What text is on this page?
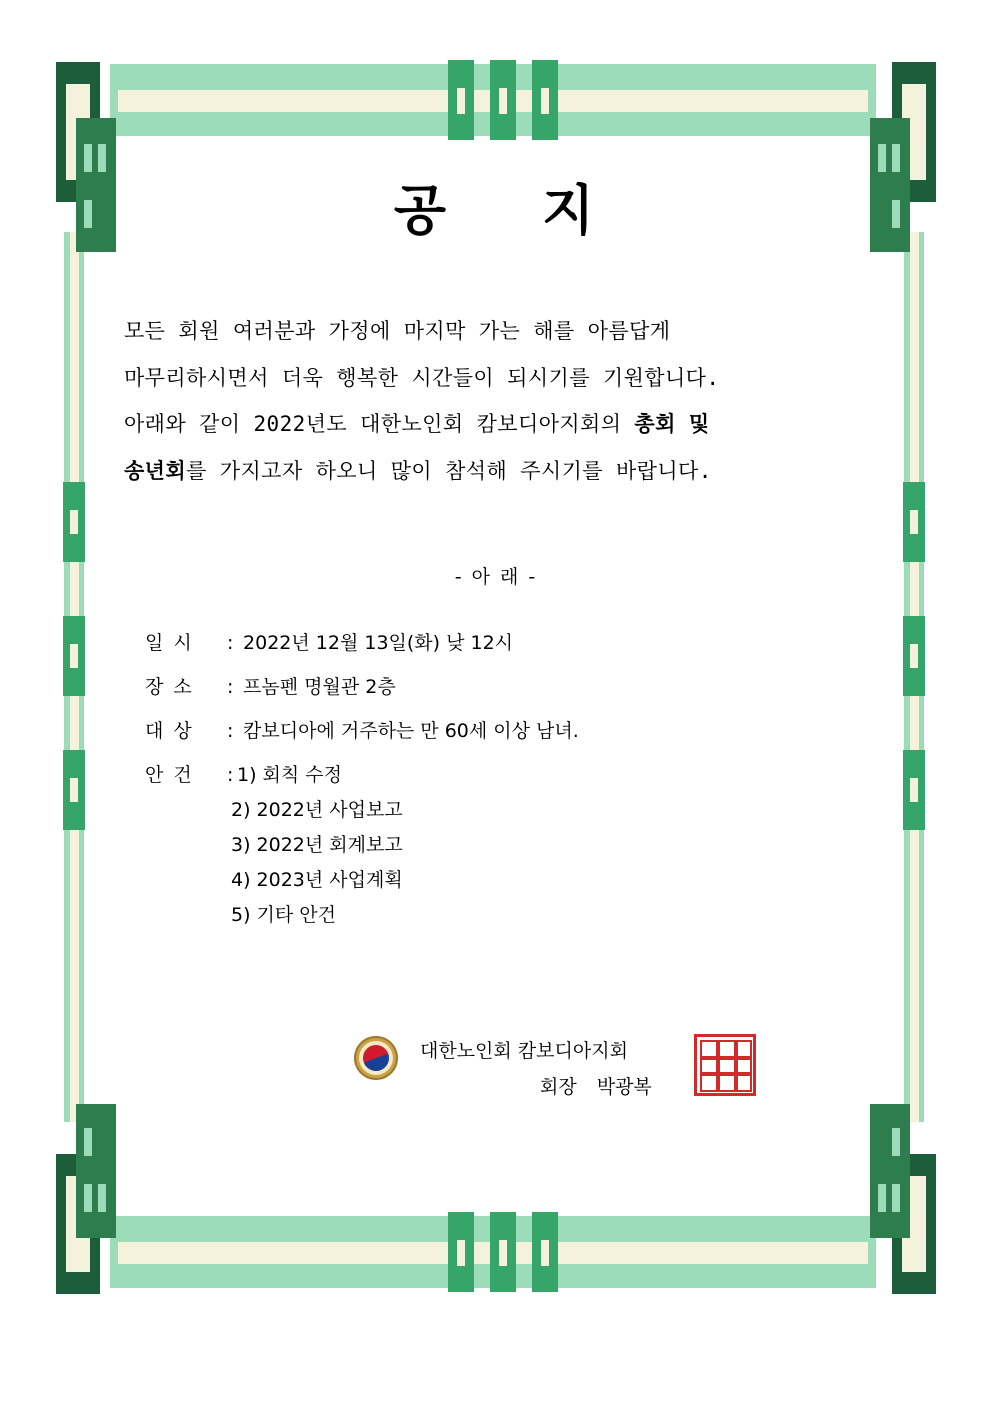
공 지
모든 회원 여러분과 가정에 마지막 가는 해를 아름답게
마무리하시면서 더욱 행복한 시간들이 되시기를 기원합니다.
아래와 같이 2022년도 대한노인회 캄보디아지회의 총회 및
송년회를 가지고자 하오니 많이 참석해 주시기를 바랍니다.
- 아 래 -
일 시 : 2022년 12월 13일(화) 낮 12시
장 소 : 프놈펜 명월관 2층
대 상 : 캄보디아에 거주하는 만 60세 이상 남녀.
안 건 : 1) 회칙 수정
2) 2022년 사업보고
3) 2022년 회계보고
4) 2023년 사업계획
5) 기타 안건
대한노인회 캄보디아지회
회장 박광복
